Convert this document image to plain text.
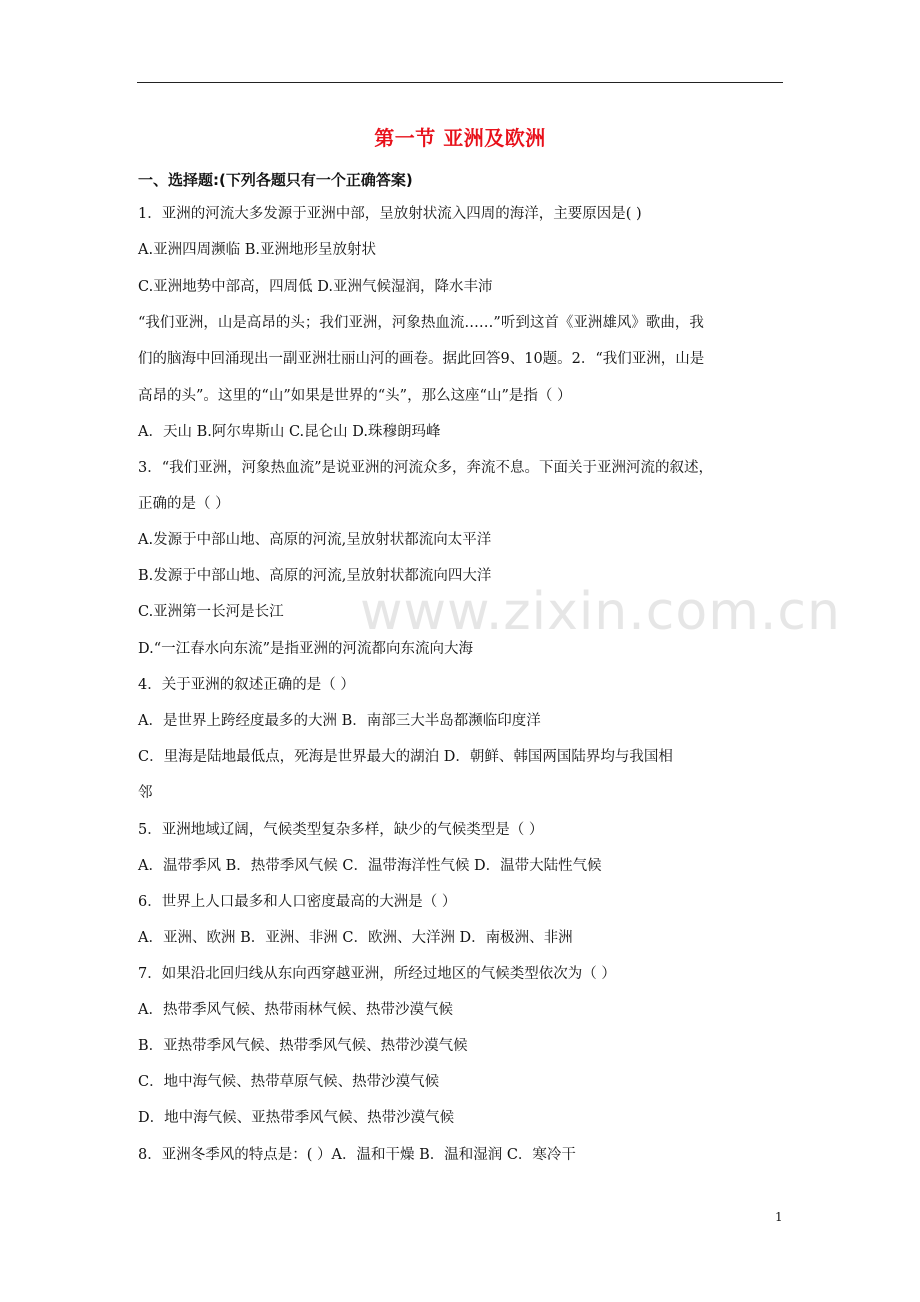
第一节 亚洲及欧洲
一、选择题:(下列各题只有一个正确答案)
www.zixin.com.cn
1．亚洲的河流大多发源于亚洲中部，呈放射状流入四周的海洋，主要原因是( )
A.亚洲四周濒临 B.亚洲地形呈放射状
C.亚洲地势中部高，四周低 D.亚洲气候湿润，降水丰沛
“我们亚洲，山是高昂的头；我们亚洲，河象热血流……”听到这首《亚洲雄风》歌曲，我
们的脑海中回涌现出一副亚洲壮丽山河的画卷。据此回答9、10题。2．“我们亚洲，山是
高昂的头”。这里的“山”如果是世界的“头”，那么这座“山”是指（ ）
A．天山 B.阿尔卑斯山 C.昆仑山 D.珠穆朗玛峰
3．“我们亚洲，河象热血流”是说亚洲的河流众多，奔流不息。下面关于亚洲河流的叙述，
正确的是（ ）
A.发源于中部山地、高原的河流,呈放射状都流向太平洋
B.发源于中部山地、高原的河流,呈放射状都流向四大洋
C.亚洲第一长河是长江
D.“一江春水向东流”是指亚洲的河流都向东流向大海
4．关于亚洲的叙述正确的是（ ）
A．是世界上跨经度最多的大洲 B．南部三大半岛都濒临印度洋
C．里海是陆地最低点，死海是世界最大的湖泊 D．朝鲜、韩国两国陆界均与我国相
邻
5．亚洲地域辽阔，气候类型复杂多样，缺少的气候类型是（ ）
A．温带季风 B．热带季风气候 C．温带海洋性气候 D．温带大陆性气候
6．世界上人口最多和人口密度最高的大洲是（ ）
A．亚洲、欧洲 B．亚洲、非洲 C．欧洲、大洋洲 D．南极洲、非洲
7．如果沿北回归线从东向西穿越亚洲，所经过地区的气候类型依次为（ ）
A．热带季风气候、热带雨林气候、热带沙漠气候
B．亚热带季风气候、热带季风气候、热带沙漠气候
C．地中海气候、热带草原气候、热带沙漠气候
D．地中海气候、亚热带季风气候、热带沙漠气候
8．亚洲冬季风的特点是：( ）A．温和干燥 B．温和湿润 C．寒冷干
1
